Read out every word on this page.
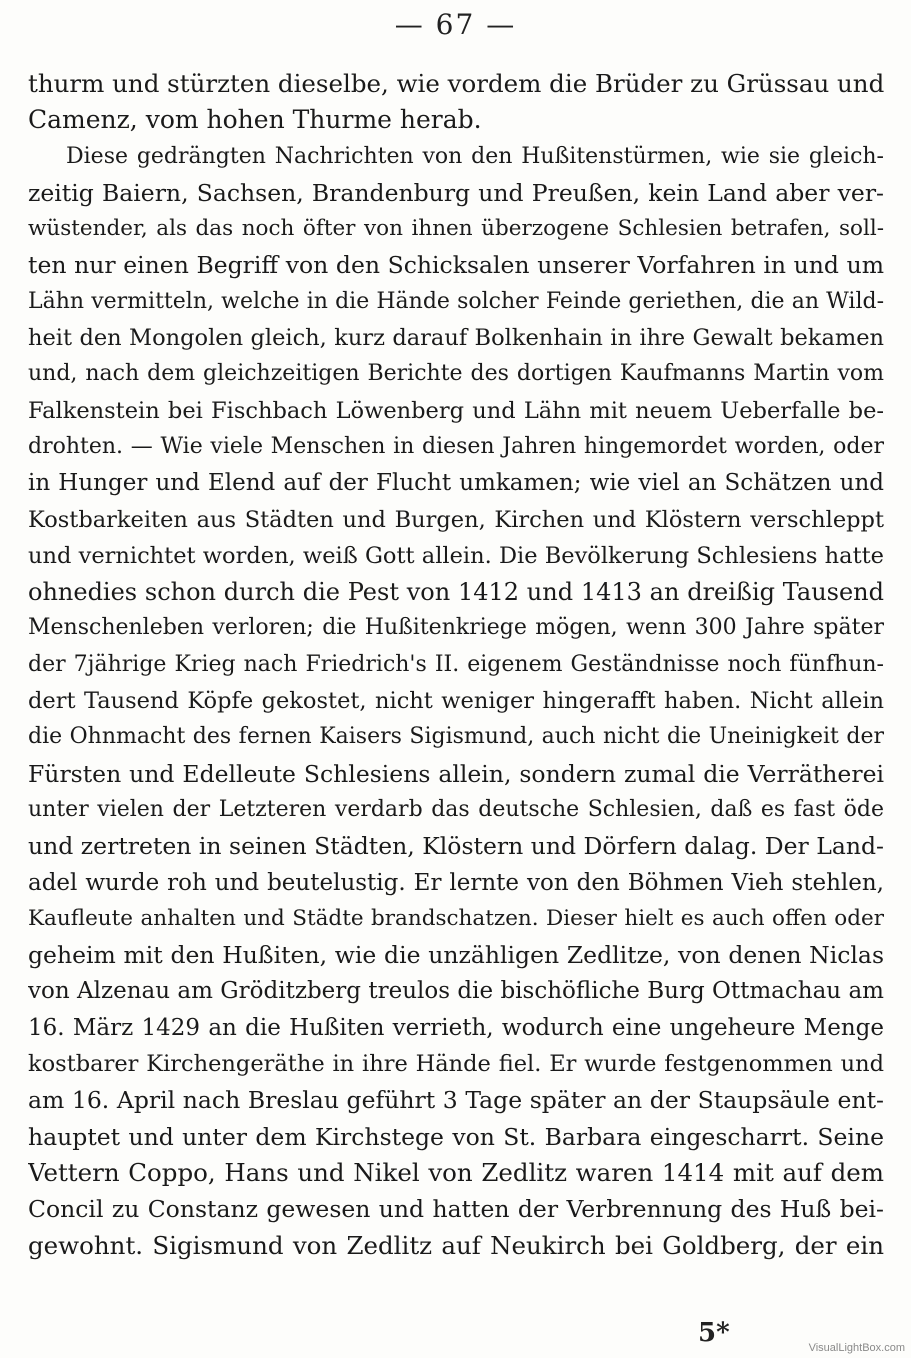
— 67 —
thurm und stürzten dieselbe, wie vordem die Brüder zu Grüssau und
Camenz, vom hohen Thurme herab.
Diese gedrängten Nachrichten von den Hußitenstürmen, wie sie gleich-
zeitig Baiern, Sachsen, Brandenburg und Preußen, kein Land aber ver-
wüstender, als das noch öfter von ihnen überzogene Schlesien betrafen, soll-
ten nur einen Begriff von den Schicksalen unserer Vorfahren in und um
Lähn vermitteln, welche in die Hände solcher Feinde geriethen, die an Wild-
heit den Mongolen gleich, kurz darauf Bolkenhain in ihre Gewalt bekamen
und, nach dem gleichzeitigen Berichte des dortigen Kaufmanns Martin vom
Falkenstein bei Fischbach Löwenberg und Lähn mit neuem Ueberfalle be-
drohten. — Wie viele Menschen in diesen Jahren hingemordet worden, oder
in Hunger und Elend auf der Flucht umkamen; wie viel an Schätzen und
Kostbarkeiten aus Städten und Burgen, Kirchen und Klöstern verschleppt
und vernichtet worden, weiß Gott allein. Die Bevölkerung Schlesiens hatte
ohnedies schon durch die Pest von 1412 und 1413 an dreißig Tausend
Menschenleben verloren; die Hußitenkriege mögen, wenn 300 Jahre später
der 7jährige Krieg nach Friedrich's II. eigenem Geständnisse noch fünfhun-
dert Tausend Köpfe gekostet, nicht weniger hingerafft haben. Nicht allein
die Ohnmacht des fernen Kaisers Sigismund, auch nicht die Uneinigkeit der
Fürsten und Edelleute Schlesiens allein, sondern zumal die Verrätherei
unter vielen der Letzteren verdarb das deutsche Schlesien, daß es fast öde
und zertreten in seinen Städten, Klöstern und Dörfern dalag. Der Land-
adel wurde roh und beutelustig. Er lernte von den Böhmen Vieh stehlen,
Kaufleute anhalten und Städte brandschatzen. Dieser hielt es auch offen oder
geheim mit den Hußiten, wie die unzähligen Zedlitze, von denen Niclas
von Alzenau am Gröditzberg treulos die bischöfliche Burg Ottmachau am
16. März 1429 an die Hußiten verrieth, wodurch eine ungeheure Menge
kostbarer Kirchengeräthe in ihre Hände fiel. Er wurde festgenommen und
am 16. April nach Breslau geführt 3 Tage später an der Staupsäule ent-
hauptet und unter dem Kirchstege von St. Barbara eingescharrt. Seine
Vettern Coppo, Hans und Nikel von Zedlitz waren 1414 mit auf dem
Concil zu Constanz gewesen und hatten der Verbrennung des Huß bei-
gewohnt. Sigismund von Zedlitz auf Neukirch bei Goldberg, der ein
5*	VisualLightBox.com
